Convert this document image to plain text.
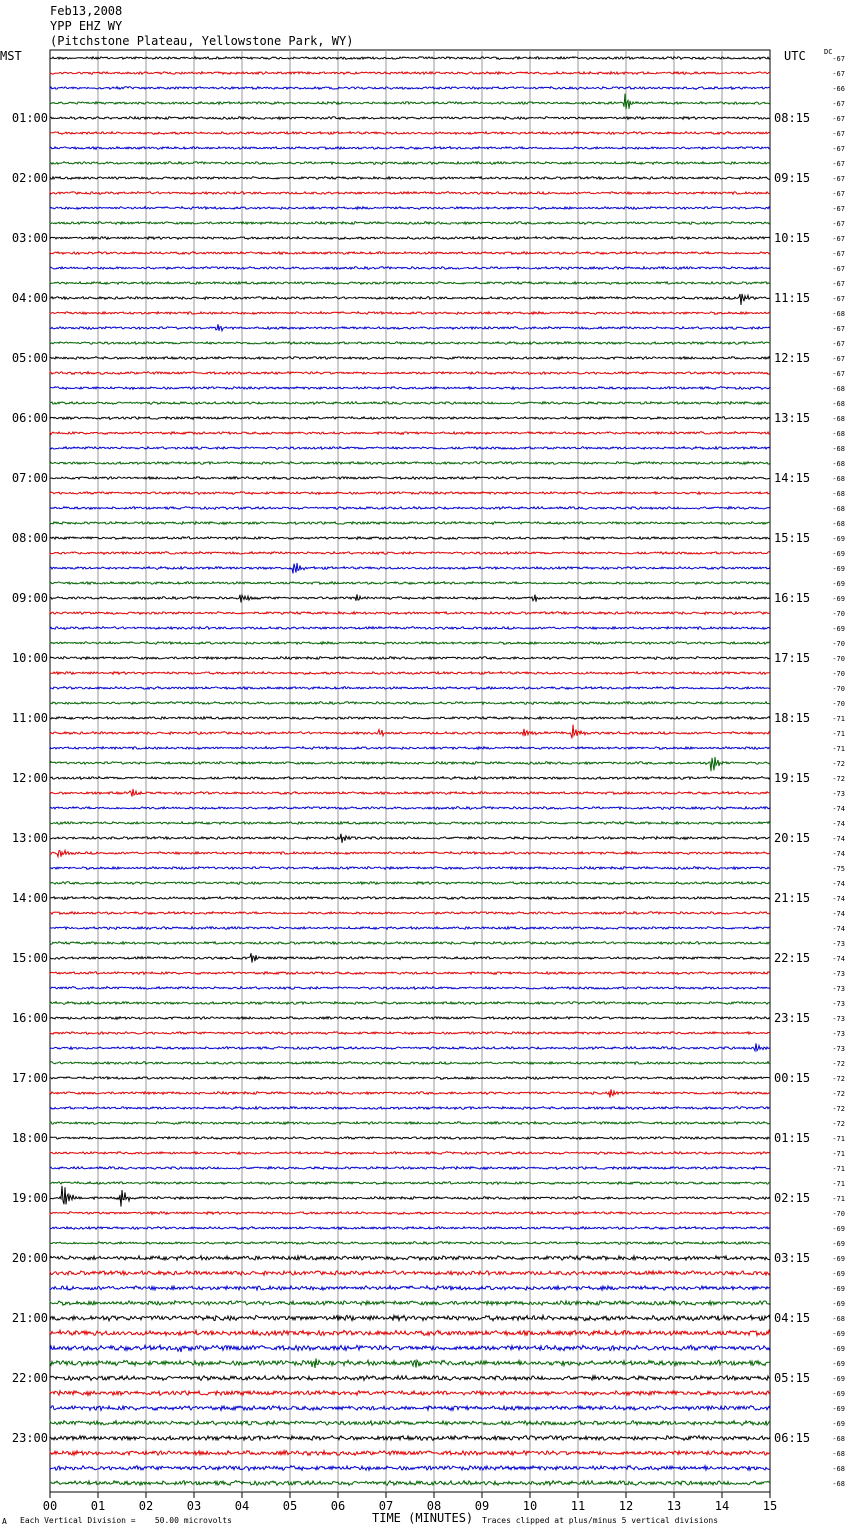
00	01	02	03	04	05	06	07	08	09	10	11	12	13	14	15
-67
-67
-66
-67
-67
-67
-67
-67
-67
-67
-67
-67
-67
-67
-67
-67
-67
-68
-67
-67
-67
-67
-68
-68
-68
-68
-68
-68
-68
-68
-68
-68
-69
-69
-69
-69
-69
-70
-69
-70
-70
-70
-70
-70
-71
-71
-71
-72
-72
-73
-74
-74
-74
-74
-75
-74
-74
-74
-74
-73
-74
-73
-73
-73
-73
-73
-73
-72
-72
-72
-72
-72
-71
-71
-71
-71
-71
-70
-69
-69
-69
-69
-69
-69
-68
-69
-69
-69
-69
-69
-69
-69
-68
-68
-68
-68
01:00
02:00
03:00
04:00
05:00
06:00
07:00
08:00
09:00
10:00
11:00
12:00
13:00
14:00
15:00
16:00
17:00
18:00
19:00
20:00
21:00
22:00
23:00
08:15
09:15
10:15
11:15
12:15
13:15
14:15
15:15
16:15
17:15
18:15
19:15
20:15
21:15
22:15
23:15
00:15
01:15
02:15
03:15
04:15
05:15
06:15
Feb13,2008
YPP EHZ WY
(Pitchstone Plateau, Yellowstone Park, WY)
MST	UTC	DC
TIME (MINUTES)
A Each Vertical Division =    50.00 microvolts	Traces clipped at plus/minus 5 vertical divisions
